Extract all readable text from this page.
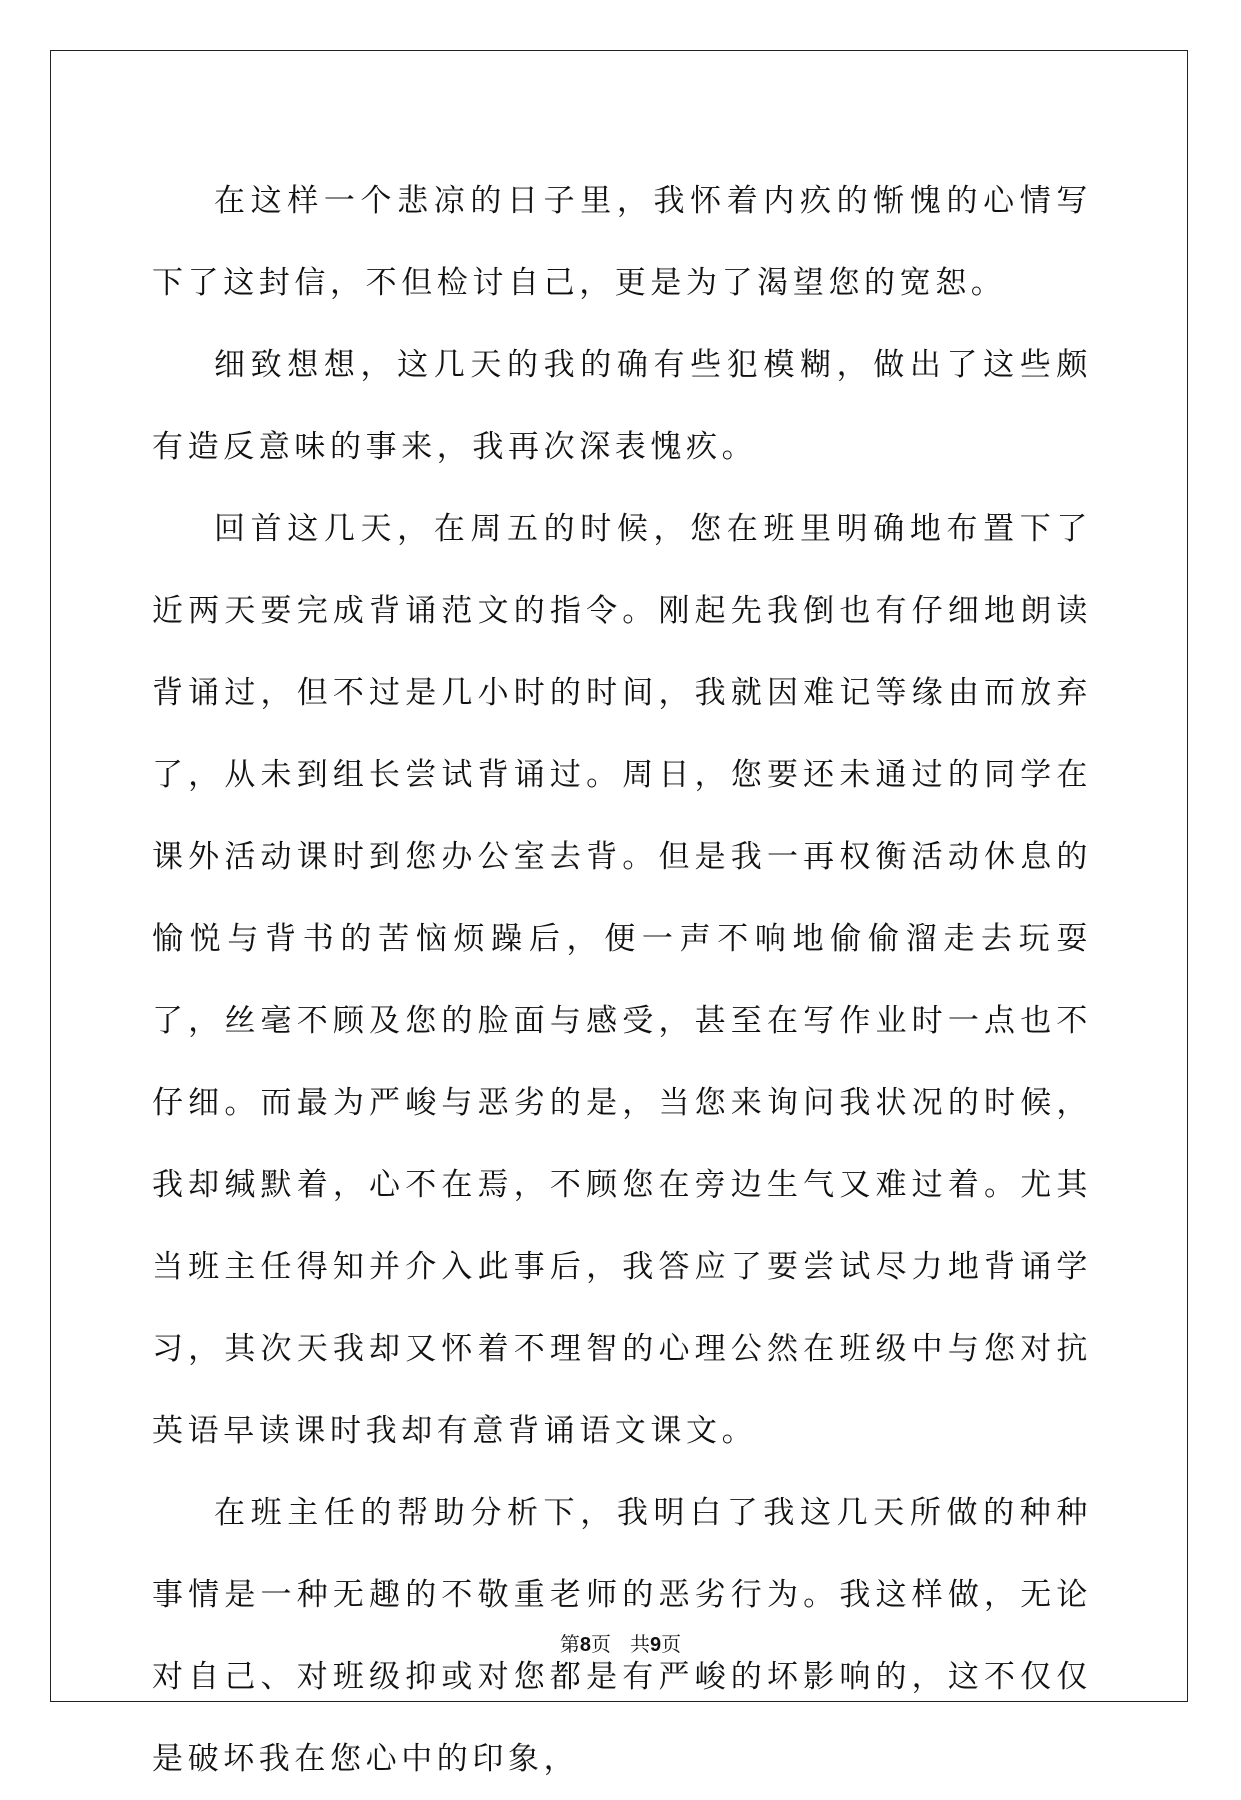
在这样一个悲凉的日子里，我怀着内疚的惭愧的心情写下了这封信，不但检讨自己，更是为了渴望您的宽恕。

细致想想，这几天的我的确有些犯模糊，做出了这些颇有造反意味的事来，我再次深表愧疚。

回首这几天，在周五的时候，您在班里明确地布置下了近两天要完成背诵范文的指令。刚起先我倒也有仔细地朗读背诵过，但不过是几小时的时间，我就因难记等缘由而放弃了，从未到组长尝试背诵过。周日，您要还未通过的同学在课外活动课时到您办公室去背。但是我一再权衡活动休息的愉悦与背书的苦恼烦躁后，便一声不响地偷偷溜走去玩耍了，丝毫不顾及您的脸面与感受，甚至在写作业时一点也不仔细。而最为严峻与恶劣的是，当您来询问我状况的时候，我却缄默着，心不在焉，不顾您在旁边生气又难过着。尤其当班主任得知并介入此事后，我答应了要尝试尽力地背诵学习，其次天我却又怀着不理智的心理公然在班级中与您对抗英语早读课时我却有意背诵语文课文。

在班主任的帮助分析下，我明白了我这几天所做的种种事情是一种无趣的不敬重老师的恶劣行为。我这样做，无论对自己、对班级抑或对您都是有严峻的坏影响的，这不仅仅是破坏我在您心中的印象，

第8页 共9页
